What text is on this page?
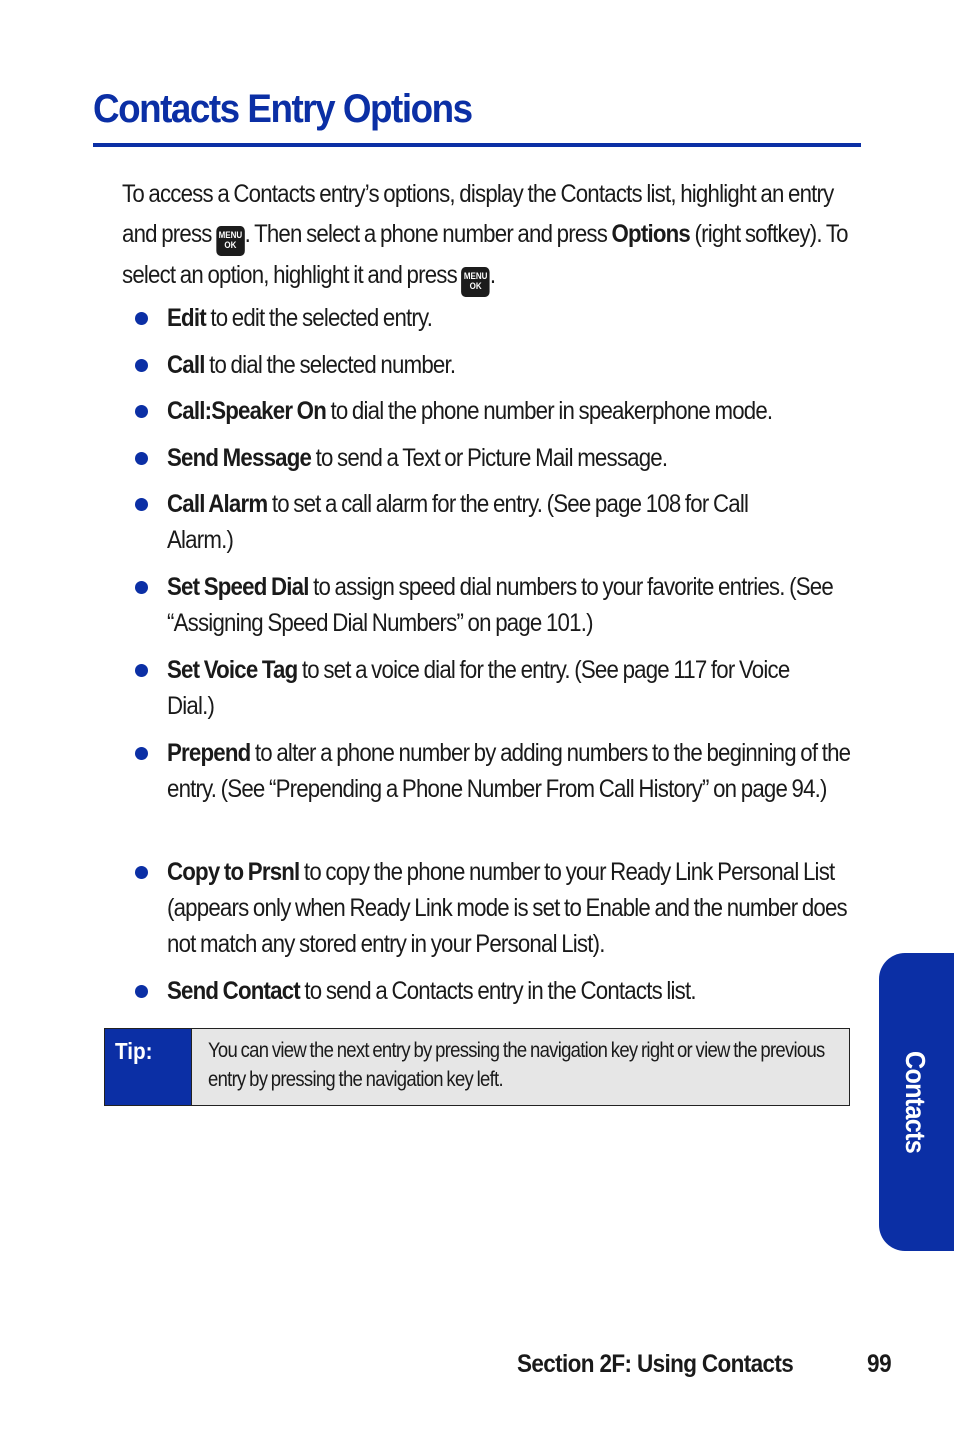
Contacts Entry Options
To access a Contacts entry’s options, display the Contacts list, highlight an entry and press MENU
OK . Then select a phone number and press Options (right softkey). To select an option, highlight it and press MENU
OK .
Edit to edit the selected entry.
Call to dial the selected number.
Call:Speaker On to dial the phone number in speakerphone mode.
Send Message to send a Text or Picture Mail message.
Call Alarm to set a call alarm for the entry. (See page 108 for Call Alarm.)
Set Speed Dial to assign speed dial numbers to your favorite entries. (See “Assigning Speed Dial Numbers” on page 101.)
Set Voice Tag to set a voice dial for the entry. (See page 117 for Voice Dial.)
Prepend to alter a phone number by adding numbers to the beginning of the entry. (See “Prepending a Phone Number From Call History” on page 94.)
Copy to Prsnl to copy the phone number to your Ready Link Personal List (appears only when Ready Link mode is set to Enable and the number does not match any stored entry in your Personal List).
Send Contact to send a Contacts entry in the Contacts list.
Tip:	You can view the next entry by pressing the navigation key right or view the previous entry by pressing the navigation key left.	Contacts
Section 2F: Using Contacts	99
